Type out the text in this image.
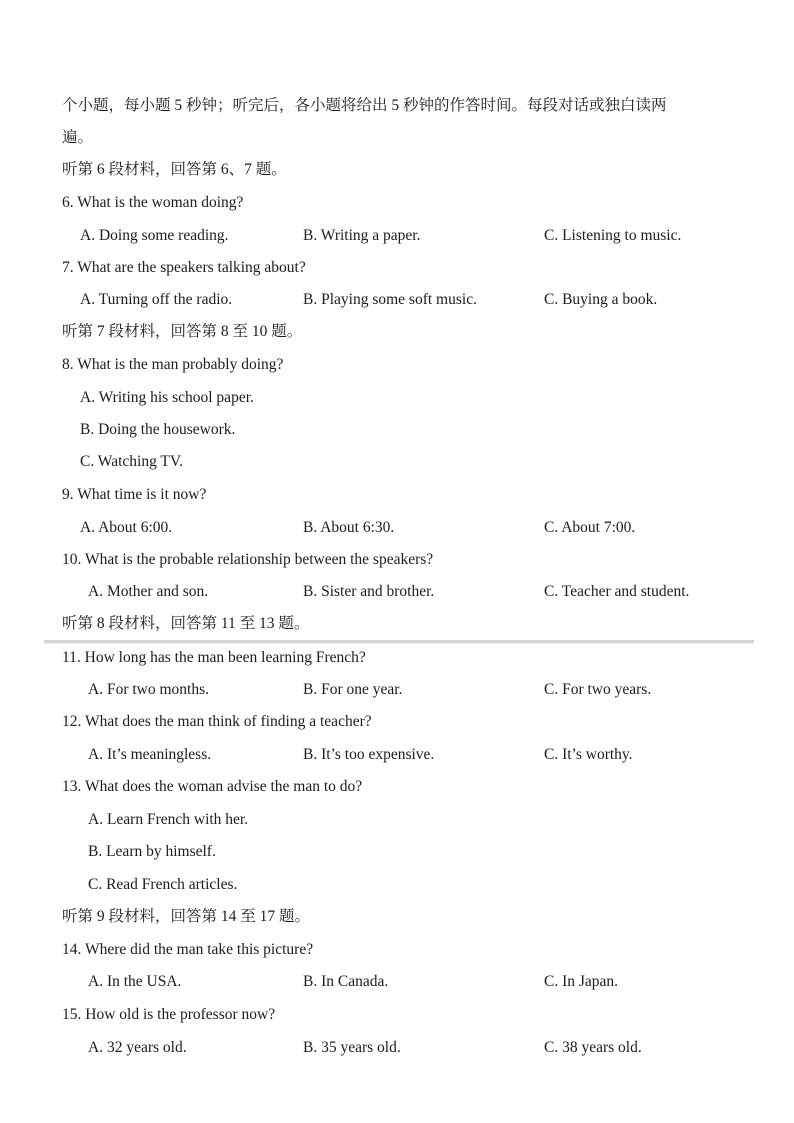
个小题，每小题 5 秒钟；听完后，各小题将给出 5 秒钟的作答时间。每段对话或独白读两
遍。
听第 6 段材料，回答第 6、7 题。
6. What is the woman doing?
A. Doing some reading.	B. Writing a paper.	C. Listening to music.
7. What are the speakers talking about?
A. Turning off the radio.	B. Playing some soft music.	C. Buying a book.
听第 7 段材料，回答第 8 至 10 题。
8. What is the man probably doing?
A. Writing his school paper.
B. Doing the housework.
C. Watching TV.
9. What time is it now?
A. About 6:00.	B. About 6:30.	C. About 7:00.
10. What is the probable relationship between the speakers?
A. Mother and son.	B. Sister and brother.	C. Teacher and student.
听第 8 段材料，回答第 11 至 13 题。
11. How long has the man been learning French?
A. For two months.	B. For one year.	C. For two years.
12. What does the man think of finding a teacher?
A. It’s meaningless.	B. It’s too expensive.	C. It’s worthy.
13. What does the woman advise the man to do?
A. Learn French with her.
B. Learn by himself.
C. Read French articles.
听第 9 段材料，回答第 14 至 17 题。
14. Where did the man take this picture?
A. In the USA.	B. In Canada.	C. In Japan.
15. How old is the professor now?
A. 32 years old.	B. 35 years old.	C. 38 years old.
